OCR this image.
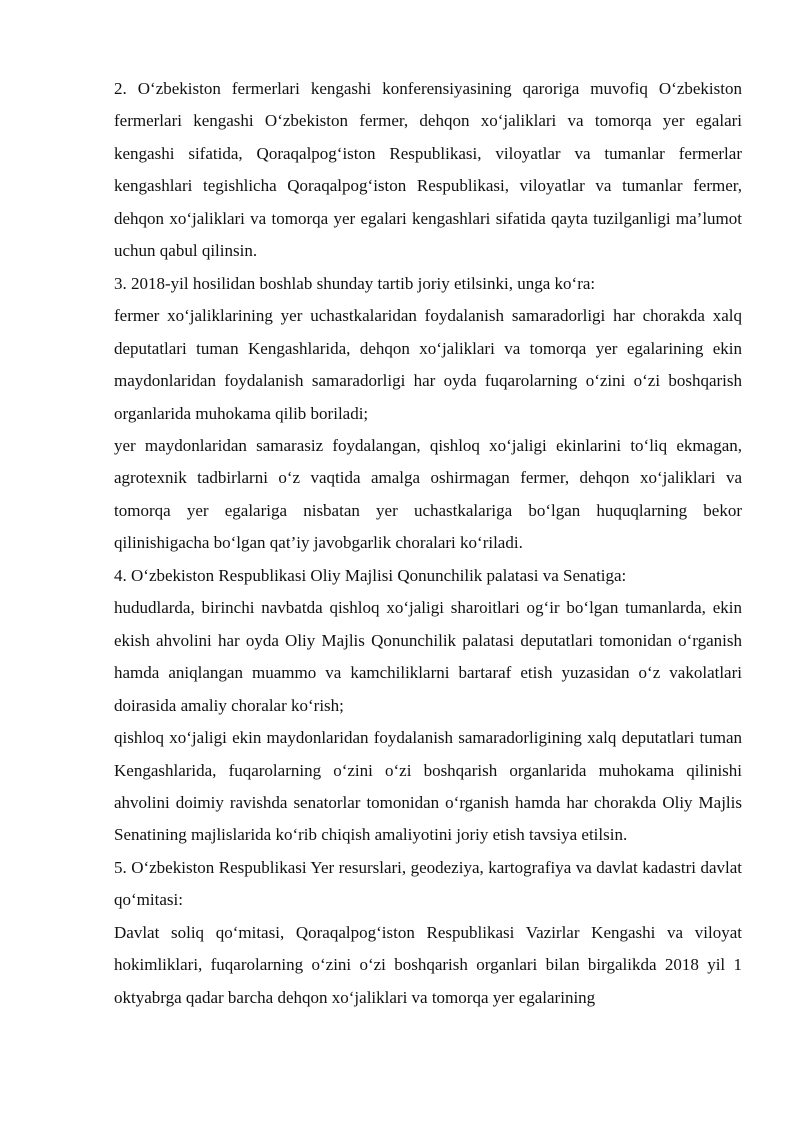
2. O‘zbekiston fermerlari kengashi konferensiyasining qaroriga muvofiq O‘zbekiston fermerlari kengashi O‘zbekiston fermer, dehqon xo‘jaliklari va tomorqa yer egalari kengashi sifatida, Qoraqalpog‘iston Respublikasi, viloyatlar va tumanlar fermerlar kengashlari tegishlicha Qoraqalpog‘iston Respublikasi, viloyatlar va tumanlar fermer, dehqon xo‘jaliklari va tomorqa yer egalari kengashlari sifatida qayta tuzilganligi ma’lumot uchun qabul qilinsin.

3. 2018-yil hosilidan boshlab shunday tartib joriy etilsinki, unga ko‘ra:

fermer xo‘jaliklarining yer uchastkalaridan foydalanish samaradorligi har chorakda xalq deputatlari tuman Kengashlarida, dehqon xo‘jaliklari va tomorqa yer egalarining ekin maydonlaridan foydalanish samaradorligi har oyda fuqarolarning o‘zini o‘zi boshqarish organlarida muhokama qilib boriladi;

yer maydonlaridan samarasiz foydalangan, qishloq xo‘jaligi ekinlarini to‘liq ekmagan, agrotexnik tadbirlarni o‘z vaqtida amalga oshirmagan fermer, dehqon xo‘jaliklari va tomorqa yer egalariga nisbatan yer uchastkalariga bo‘lgan huquqlarning bekor qilinishigacha bo‘lgan qat’iy javobgarlik choralari ko‘riladi.

4. O‘zbekiston Respublikasi Oliy Majlisi Qonunchilik palatasi va Senatiga:

hududlarda, birinchi navbatda qishloq xo‘jaligi sharoitlari og‘ir bo‘lgan tumanlarda, ekin ekish ahvolini har oyda Oliy Majlis Qonunchilik palatasi deputatlari tomonidan o‘rganish hamda aniqlangan muammo va kamchiliklarni bartaraf etish yuzasidan o‘z vakolatlari doirasida amaliy choralar ko‘rish;

qishloq xo‘jaligi ekin maydonlaridan foydalanish samaradorligining xalq deputatlari tuman Kengashlarida, fuqarolarning o‘zini o‘zi boshqarish organlarida muhokama qilinishi ahvolini doimiy ravishda senatorlar tomonidan o‘rganish hamda har chorakda Oliy Majlis Senatining majlislarida ko‘rib chiqish amaliyotini joriy etish tavsiya etilsin.

5. O‘zbekiston Respublikasi Yer resurslari, geodeziya, kartografiya va davlat kadastri davlat qo‘mitasi:

Davlat soliq qo‘mitasi, Qoraqalpog‘iston Respublikasi Vazirlar Kengashi va viloyat hokimliklari, fuqarolarning o‘zini o‘zi boshqarish organlari bilan birgalikda 2018 yil 1 oktyabrga qadar barcha dehqon xo‘jaliklari va tomorqa yer egalarining
